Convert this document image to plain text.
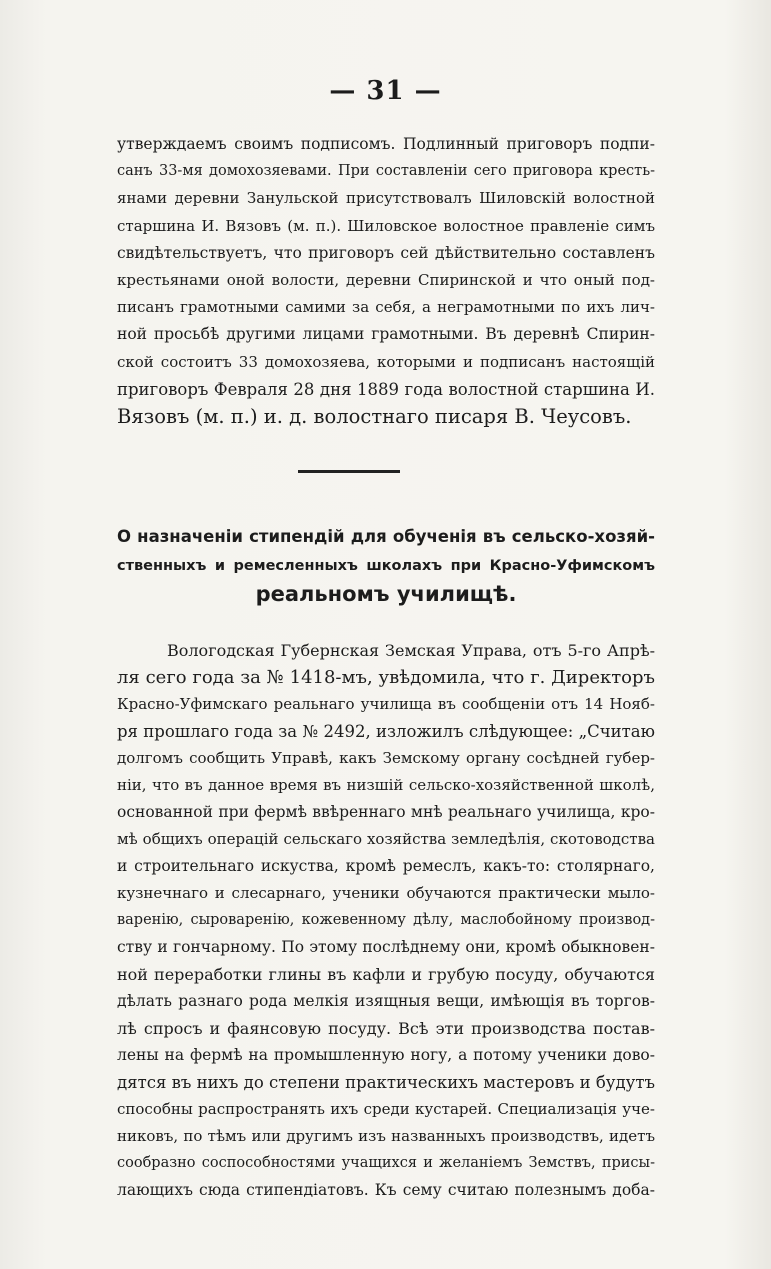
— 31 —
утверждаемъ своимъ подписомъ. Подлинный приговоръ подпи-
санъ 33-мя домохозяевами. При составленіи сего приговора кресть-
янами деревни Занульской присутствовалъ Шиловскій волостной
старшина И. Вязовъ (м. п.). Шиловское волостное правленіе симъ
свидѣтельствуетъ, что приговоръ сей дѣйствительно составленъ
крестьянами оной волости, деревни Спиринской и что оный под-
писанъ грамотными самими за себя, а неграмотными по ихъ лич-
ной просьбѣ другими лицами грамотными. Въ деревнѣ Спирин-
ской состоитъ 33 домохозяева, которыми и подписанъ настоящій
приговоръ Февраля 28 дня 1889 года волостной старшина И.
Вязовъ (м. п.) и. д. волостнаго писаря В. Чеусовъ.
О назначеніи стипендій для обученія въ сельско-хозяй-
ственныхъ и ремесленныхъ школахъ при Красно-Уфимскомъ
реальномъ училищѣ.
Вологодская Губернская Земская Управа, отъ 5-го Апрѣ-
ля сего года за № 1418-мъ, увѣдомила, что г. Директоръ
Красно-Уфимскаго реальнаго училища въ сообщеніи отъ 14 Нояб-
ря прошлаго года за № 2492, изложилъ слѣдующее: „Считаю
долгомъ сообщить Управѣ, какъ Земскому органу сосѣдней губер-
ніи, что въ данное время въ низшій сельско-хозяйственной школѣ,
основанной при фермѣ ввѣреннаго мнѣ реальнаго училища, кро-
мѣ общихъ операцій сельскаго хозяйства земледѣлія, скотоводства
и строительнаго искуства, кромѣ ремеслъ, какъ-то: столярнаго,
кузнечнаго и слесарнаго, ученики обучаются практически мыло-
варенію, сыроваренію, кожевенному дѣлу, маслобойному производ-
ству и гончарному. По этому послѣднему они, кромѣ обыкновен-
ной переработки глины въ кафли и грубую посуду, обучаются
дѣлать разнаго рода мелкія изящныя вещи, имѣющія въ торгов-
лѣ спросъ и фаянсовую посуду. Всѣ эти производства постав-
лены на фермѣ на промышленную ногу, а потому ученики дово-
дятся въ нихъ до степени практическихъ мастеровъ и будутъ
способны распространять ихъ среди кустарей. Специализація уче-
никовъ, по тѣмъ или другимъ изъ названныхъ производствъ, идетъ
сообразно соспособностями учащихся и желаніемъ Земствъ, присы-
лающихъ сюда стипендіатовъ. Къ сему считаю полезнымъ доба-
